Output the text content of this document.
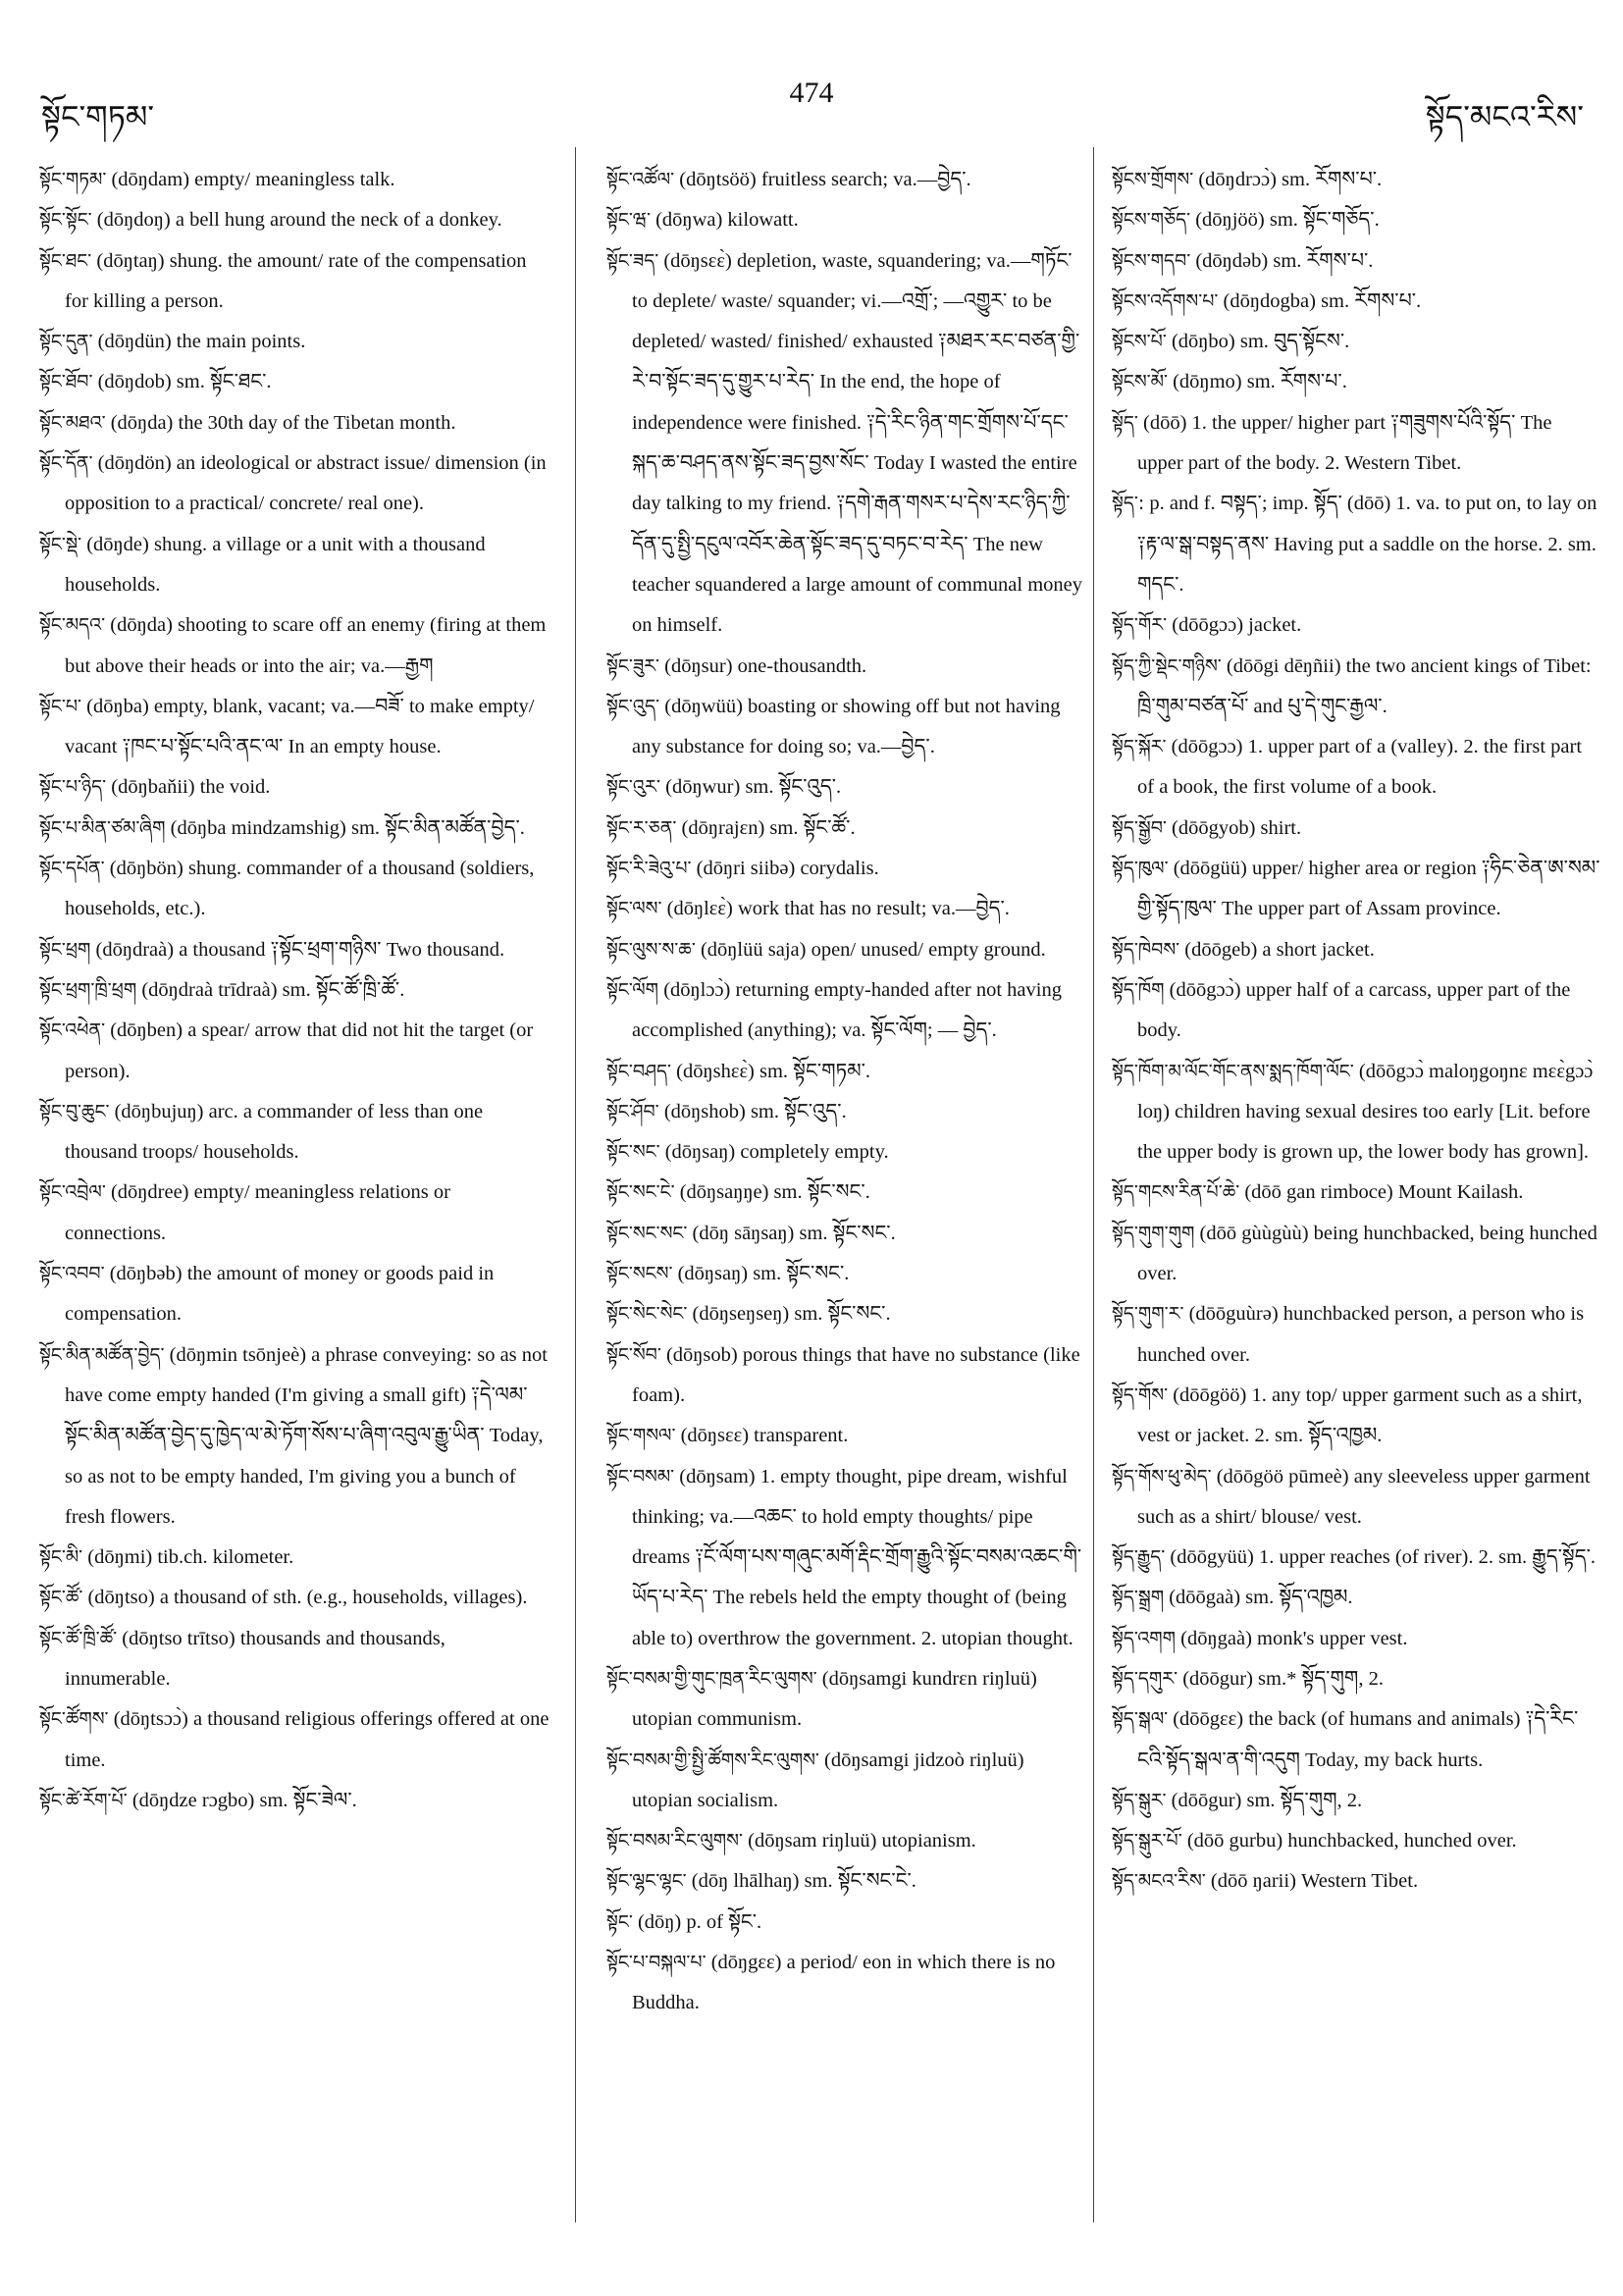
སྟོང་གཏམ་
474
སྟོད་མངའ་རིས་

སྟོང་གཏམ་ (dōŋdam) empty/ meaningless talk.

སྟོང་སྟོང་ (dōŋdoŋ) a bell hung around the neck of a donkey.

སྟོང་ཐང་ (dōŋtaŋ) shung. the amount/ rate of the compensation for killing a person.

སྟོང་དུན་ (dōŋdün) the main points.

སྟོང་ཐོབ་ (dōŋdob) sm. སྟོང་ཐང་.

སྟོང་མཐའ་ (dōŋda) the 30th day of the Tibetan month.

སྟོང་དོན་ (dōŋdön) an ideological or abstract issue/ dimension (in opposition to a practical/ concrete/ real one).

སྟོང་སྡེ་ (dōŋde) shung. a village or a unit with a thousand households.

སྟོང་མདའ་ (dōŋda) shooting to scare off an enemy (firing at them but above their heads or into the air; va.—རྒྱག

སྟོང་པ་ (dōŋba) empty, blank, vacant; va.—བཟོ་ to make empty/ vacant ༑ཁང་པ་སྟོང་པའི་ནང་ལ་ In an empty house.

སྟོང་པ་ཉིད་ (dōŋbaňii) the void.

སྟོང་པ་མིན་ཙམ་ཞིག (dōŋba mindzamshig) sm. སྟོང་མིན་མཚོན་བྱེད་.

སྟོང་དཔོན་ (dōŋbön) shung. commander of a thousand (soldiers, households, etc.).

སྟོང་ཕྲག (dōŋdraà) a thousand ༑སྟོང་ཕྲག་གཉིས་ Two thousand.

སྟོང་ཕྲག་ཁྲི་ཕྲག (dōŋdraà trīdraà) sm. སྟོང་ཚོ་ཁྲི་ཚོ་.

སྟོང་འཕེན་ (dōŋben) a spear/ arrow that did not hit the target (or person).

སྟོང་བུ་ཆུང་ (dōŋbujuŋ) arc. a commander of less than one thousand troops/ households.

སྟོང་འབྲེལ་ (dōŋdree) empty/ meaningless relations or connections.

སྟོང་འབབ་ (dōŋbəb) the amount of money or goods paid in compensation.

སྟོང་མིན་མཚོན་བྱེད་ (dōŋmin tsōnjeè) a phrase conveying: so as not have come empty handed (I'm giving a small gift) ༑དེ་ལམ་སྟོང་མིན་མཚོན་བྱེད་དུ་ཁྱེད་ལ་མེ་ཏོག་སོས་པ་ཞིག་འབུལ་རྒྱུ་ཡིན་ Today, so as not to be empty handed, I'm giving you a bunch of fresh flowers.

སྟོང་མི་ (dōŋmi) tib.ch. kilometer.

སྟོང་ཚོ་ (dōŋtso) a thousand of sth. (e.g., households, villages).

སྟོང་ཚོ་ཁྲི་ཚོ་ (dōŋtso trītso) thousands and thousands, innumerable.

སྟོང་ཚོགས་ (dōŋtsɔɔ̀) a thousand religious offerings offered at one time.

སྟོང་ཚེ་རོག་པོ་ (dōŋdze rɔgbo) sm. སྟོང་ཟེལ་.

སྟོང་འཚོལ་ (dōŋtsöö) fruitless search; va.—བྱེད་.

སྟོང་ཝ་ (dōŋwa) kilowatt.

སྟོང་ཟད་ (dōŋsɛɛ̀) depletion, waste, squandering; va.—གཏོང་ to deplete/ waste/ squander; vi.—འགྲོ་; —འགྱུར་ to be depleted/ wasted/ finished/ exhausted ༑མཐར་རང་བཙན་གྱི་རེ་བ་སྟོང་ཟད་དུ་གྱུར་པ་རེད་ In the end, the hope of independence were finished. ༑དེ་རིང་ཉིན་གང་གྲོགས་པོ་དང་སྐད་ཆ་བཤད་ནས་སྟོང་ཟད་བྱས་སོང་ Today I wasted the entire day talking to my friend. ༑དགེ་རྒན་གསར་པ་དེས་རང་ཉིད་ཀྱི་དོན་དུ་སྤྱི་དངུལ་འབོར་ཆེན་སྟོང་ཟད་དུ་བཏང་བ་རེད་ The new teacher squandered a large amount of communal money on himself.

སྟོང་ཟུར་ (dōŋsur) one-thousandth.

སྟོང་འུད་ (dōŋwüü) boasting or showing off but not having any substance for doing so; va.—བྱེད་.

སྟོང་འུར་ (dōŋwur) sm. སྟོང་འུད་.

སྟོང་ར་ཅན་ (dōŋrajɛn) sm. སྟོང་ཚོ་.

སྟོང་རི་ཟེའུ་པ་ (dōŋri siibə) corydalis.

སྟོང་ལས་ (dōŋlɛɛ̀) work that has no result; va.—བྱེད་.

སྟོང་ལུས་ས་ཆ་ (dōŋlüü saja) open/ unused/ empty ground.

སྟོང་ལོག (dōŋlɔɔ̀) returning empty-handed after not having accomplished (anything); va. སྟོང་ལོག; — བྱེད་.

སྟོང་བཤད་ (dōŋshɛɛ̀) sm. སྟོང་གཏམ་.

སྟོང་ཤོབ་ (dōŋshob) sm. སྟོང་འུད་.

སྟོང་སང་ (dōŋsaŋ) completely empty.

སྟོང་སང་ངེ་ (dōŋsaŋŋe) sm. སྟོང་སང་.

སྟོང་སང་སང་ (dōŋ sāŋsaŋ) sm. སྟོང་སང་.

སྟོང་སངས་ (dōŋsaŋ) sm. སྟོང་སང་.

སྟོང་སེང་སེང་ (dōŋseŋseŋ) sm. སྟོང་སང་.

སྟོང་སོབ་ (dōŋsob) porous things that have no substance (like foam).

སྟོང་གསལ་ (dōŋsɛɛ) transparent.

སྟོང་བསམ་ (dōŋsam) 1. empty thought, pipe dream, wishful thinking; va.—འཆང་ to hold empty thoughts/ pipe dreams ༑ངོ་ལོག་པས་གཞུང་མགོ་རྡིང་གྲོག་རྒྱུའི་སྟོང་བསམ་འཆང་གི་ཡོད་པ་རེད་ The rebels held the empty thought of (being able to) overthrow the government. 2. utopian thought.

སྟོང་བསམ་གྱི་གུང་ཁྲན་རིང་ལུགས་ (dōŋsamgi kundrɛn riŋluü) utopian communism.

སྟོང་བསམ་གྱི་སྤྱི་ཚོགས་རིང་ལུགས་ (dōŋsamgi jidzoò riŋluü) utopian socialism.

སྟོང་བསམ་རིང་ལུགས་ (dōŋsam riŋluü) utopianism.

སྟོང་ལྷང་ལྷང་ (dōŋ lhālhaŋ) sm. སྟོང་སང་ངེ་.

སྟོང་ (dōŋ) p. of སྟོང་.

སྟོང་པ་བསྐལ་པ་ (dōŋgɛɛ) a period/ eon in which there is no Buddha.

སྟོངས་གྲོགས་ (dōŋdrɔɔ̀) sm. རོགས་པ་.

སྟོངས་གཅོད་ (dōŋjöö) sm. སྟོང་གཅོད་.

སྟོངས་གདབ་ (dōŋdəb) sm. རོགས་པ་.

སྟོངས་འདོགས་པ་ (dōŋdogba) sm. རོགས་པ་.

སྟོངས་པོ་ (dōŋbo) sm. བུད་སྟོངས་.

སྟོངས་མོ་ (dōŋmo) sm. རོགས་པ་.

སྟོད་ (dōō) 1. the upper/ higher part ༑གཟུགས་པོའི་སྟོད་ The upper part of the body. 2. Western Tibet.

སྟོད་: p. and f. བསྟད་; imp. སྟོད་ (dōō) 1. va. to put on, to lay on ༑རྟ་ལ་སྒ་བསྟད་ནས་ Having put a saddle on the horse. 2. sm. གདང་.

སྟོད་གོར་ (dōōgɔɔ) jacket.

སྟོད་ཀྱི་སྡེང་གཉིས་ (dōōgi dēŋñii) the two ancient kings of Tibet: ཁྲི་གུམ་བཙན་པོ་ and པུ་དེ་གུང་རྒྱལ་.

སྟོད་སྐོར་ (dōōgɔɔ) 1. upper part of a (valley). 2. the first part of a book, the first volume of a book.

སྟོད་སྒྱོབ་ (dōōgyob) shirt.

སྟོད་ཁུལ་ (dōōgüü) upper/ higher area or region ༑ཧིང་ཅེན་ཨ་སམ་གྱི་སྟོད་ཁུལ་ The upper part of Assam province.

སྟོད་ཁེབས་ (dōōgeb) a short jacket.

སྟོད་ཁོག (dōōgɔɔ̀) upper half of a carcass, upper part of the body.

སྟོད་ཁོག་མ་ལོང་གོང་ནས་སྨད་ཁོག་ལོང་ (dōōgɔɔ̀ maloŋgoŋnɛ mɛɛ̀gɔɔ̀ loŋ) children having sexual desires too early [Lit. before the upper body is grown up, the lower body has grown].

སྟོད་གངས་རིན་པོ་ཆེ་ (dōō gan rimboce) Mount Kailash.

སྟོད་གུག་གུག (dōō gùùgùù) being hunchbacked, being hunched over.

སྟོད་གུག་ར་ (dōōguùrə) hunchbacked person, a person who is hunched over.

སྟོད་གོས་ (dōōgöö) 1. any top/ upper garment such as a shirt, vest or jacket. 2. sm. སྟོད་འཁྱམ.

སྟོད་གོས་ཕུ་མེད་ (dōōgöö pūmeè) any sleeveless upper garment such as a shirt/ blouse/ vest.

སྟོད་རྒྱུད་ (dōōgyüü) 1. upper reaches (of river). 2. sm. རྒྱུད་སྟོད་.

སྟོད་སྒྲག (dōōgaà) sm. སྟོད་འཁྱམ.

སྟོད་འགག (dōŋgaà) monk's upper vest.

སྟོད་དགུར་ (dōōgur) sm.* སྟོད་གུག, 2.

སྟོད་སྒལ་ (dōōgɛɛ) the back (of humans and animals) ༑དེ་རིང་ངའི་སྟོད་སྒལ་ན་གི་འདུག Today, my back hurts.

སྟོད་སྒུར་ (dōōgur) sm. སྟོད་གུག, 2.

སྟོད་སྒུར་པོ་ (dōō gurbu) hunchbacked, hunched over.

སྟོད་མངའ་རིས་ (dōō ŋarii) Western Tibet.
